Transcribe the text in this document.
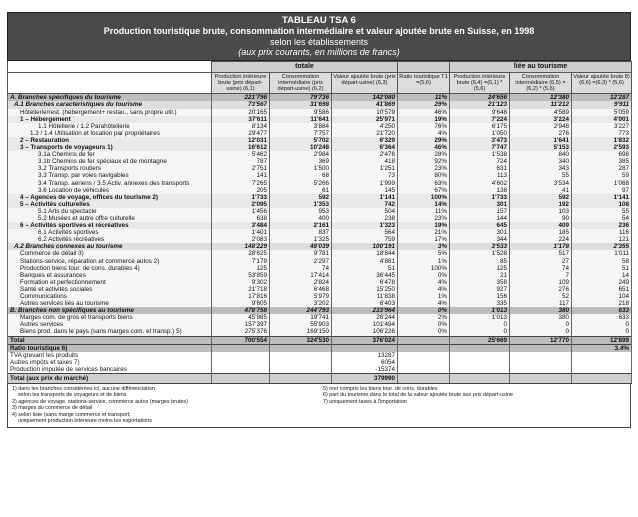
TABLEAU TSA 6
Production touristique brute, consommation intermédiaire et valeur ajoutée brute en Suisse, en 1998
selon les établissements
(aux prix courants, en millions de francs)
	totale				liée au tourisme		
	Production intérieure brute (prix départ-usine) (6,1)	Consommation intermédiaire (prix départ-usine) (6,2)	Valeur ajoutée brute (prix départ-usine) (6,3)	Ratio touristique T1 =(5,6)	Production intérieure brute (6,4) =(6,1) * (5,6)	Consommation intermédiaire (6,5) =(6,2) * (5,6)	Valeur ajoutée brute 8) (6,6) =(6,3) * (5,6)
A. Branches spécifiques du tourisme	221'796	79'736	142'080	11%	24'656	12'380	12'287
A.1 Branches caractéristiques du tourisme	73'567	31'698	41'869	29%	21'123	11'212	9'911
Hôtellerie/rest. (hébergement+ restau., sans propre util.)	20'165	9'586	10'579	46%	9'648	4'589	5'059
1 – Hébergement	37'611	11'641	25'971	19%	7'224	3'224	4'001
1.1 Hôtellerie / 1.2 Parahôtellerie	8'134	3'884	4'250	76%	6'175	2'948	3'227
1.3 / 1.4 Utilisation et location par propriétaires	29'477	7'757	21'720	4%	1'050	276	773
2 – Restauration	12'031	5'702	6'329	29%	3'473	1'641	1'832
3 – Transports de voyageurs 1)	16'612	10'248	6'364	46%	7'747	5'153	2'593
3.1a Chemins de fer	5'462	2'984	2'478	28%	1'538	840	698
3.1b Chemins de fer spéciaux et de montagne	787	369	418	92%	724	340	385
3.2 Transports routiers	2'751	1'500	1'251	23%	631	343	287
3.3 Transp. par voies navigables	141	68	73	80%	113	55	59
3.4 Transp. aériens / 3.5 Activ. annexes des transports	7'265	5'266	1'999	63%	4'602	3'534	1'068
3.6 Location de véhicules	205	61	145	67%	138	41	97
4 – Agences de voyage, offices du tourisme 2)	1'733	592	1'141	100%	1'733	592	1'141
5 – Activités culturelles	2'095	1'353	742	14%	301	192	108
5.1 Arts du spectacle	1'456	953	504	11%	157	103	55
5.2 Musées et autre offre culturelle	638	400	238	23%	144	90	54
6 – Activités sportives et récréatives	3'484	2'161	1'323	19%	645	409	236
6.1 Activités sportives	1'401	837	564	21%	301	185	116
6.2 Activités récréatives	2'083	1'325	759	17%	344	224	121
A.2 Branches connexes au tourisme	148'229	48'039	100'191	3%	3'533	1'178	2'355
Commerce de détail 3)	28'625	9'781	18'844	5%	1'528	517	1'011
Stations-service, réparation et commerce autos 2)	7'179	2'297	4'881	1%	85	27	58
Production biens tour. de cons. durables 4)	125	74	51	100%	125	74	51
Banques et assurances	53'859	17'414	36'445	0%	21	7	14
Formation et perfectionnement	9'302	2'824	6'478	4%	358	109	249
Santé et activités sociales	21'718	6'468	15'250	4%	927	276	651
Communications	17'816	5'979	11'838	1%	156	52	104
Autres services liés au tourisme	9'605	3'202	6'403	4%	335	117	218
B. Branches non spécifiques au tourisme	478'758	244'793	233'964	0%	1'013	380	633
Marges com. de gros et transports biens	45'985	19'741	26'244	2%	1'013	380	633
Autres services	157'397	55'903	101'494	0%	0	0	0
Biens prod. dans le pays (sans marges com. et transp.) 5)	275'376	169'150	106'226	0%	0	0	0
Total	700'554	324'530	376'024		25'669	12'770	12'899
Ratio touristique 6)							3.4%
TVA grevant les produits			13287				
Autres impôts et taxes 7)			6054				
Production imputée de services bancaires			-15374				
Total (aux prix du marché)			379990				
1) dans les branches considérées ici, aucune différenciation
selon les transports de voyageurs et de biens
2) agences de voyage, stations-service, commerce autos (marges brutes)
3) marges du commerce de détail
4) selon liste (sans marge commerce et transport;
uniquement production intérieure moins les exportations
5) non compris les biens tour. de cons. durables
6) part du tourisme dans le total de la valeur ajoutée brute aux prix départ-usine
7) uniquement taxes à l'importation
